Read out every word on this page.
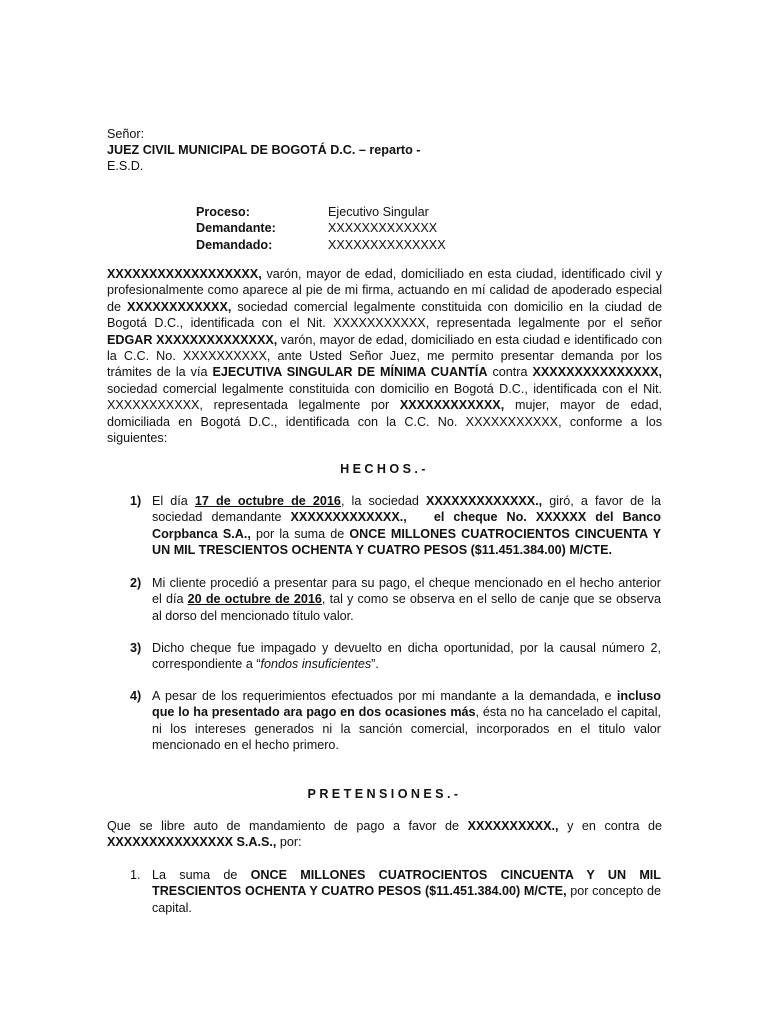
Señor:
JUEZ CIVIL MUNICIPAL DE BOGOTÁ D.C. – reparto -
E.S.D.
Proceso:	Ejecutivo Singular
Demandante:	XXXXXXXXXXXXX
Demandado:	XXXXXXXXXXXXXX
XXXXXXXXXXXXXXXXXX, varón, mayor de edad, domiciliado en esta ciudad, identificado civil y profesionalmente como aparece al pie de mi firma, actuando en mí calidad de apoderado especial de XXXXXXXXXXXX, sociedad comercial legalmente constituida con domicilio en la ciudad de Bogotá D.C., identificada con el Nit. XXXXXXXXXXX, representada legalmente por el señor EDGAR XXXXXXXXXXXXXX, varón, mayor de edad, domiciliado en esta ciudad e identificado con la C.C. No. XXXXXXXXXX, ante Usted Señor Juez, me permito presentar demanda por los trámites de la vía EJECUTIVA SINGULAR DE MÍNIMA CUANTÍA contra XXXXXXXXXXXXXXX, sociedad comercial legalmente constituida con domicilio en Bogotá D.C., identificada con el Nit. XXXXXXXXXXX, representada legalmente por XXXXXXXXXXXX, mujer, mayor de edad, domiciliada en Bogotá D.C., identificada con la C.C. No. XXXXXXXXXXX, conforme a los siguientes:
HECHOS.-
1) El día 17 de octubre de 2016, la sociedad XXXXXXXXXXXXX., giró, a favor de la sociedad demandante XXXXXXXXXXXXX., el cheque No. XXXXXX del Banco Corpbanca S.A., por la suma de ONCE MILLONES CUATROCIENTOS CINCUENTA Y UN MIL TRESCIENTOS OCHENTA Y CUATRO PESOS ($11.451.384.00) M/CTE.
2) Mi cliente procedió a presentar para su pago, el cheque mencionado en el hecho anterior el día 20 de octubre de 2016, tal y como se observa en el sello de canje que se observa al dorso del mencionado título valor.
3) Dicho cheque fue impagado y devuelto en dicha oportunidad, por la causal número 2, correspondiente a “fondos insuficientes”.
4) A pesar de los requerimientos efectuados por mi mandante a la demandada, e incluso que lo ha presentado ara pago en dos ocasiones más, ésta no ha cancelado el capital, ni los intereses generados ni la sanción comercial, incorporados en el titulo valor mencionado en el hecho primero.
PRETENSIONES.-
Que se libre auto de mandamiento de pago a favor de XXXXXXXXXX., y en contra de XXXXXXXXXXXXXXX S.A.S., por:
1. La suma de ONCE MILLONES CUATROCIENTOS CINCUENTA Y UN MIL TRESCIENTOS OCHENTA Y CUATRO PESOS ($11.451.384.00) M/CTE, por concepto de capital.
